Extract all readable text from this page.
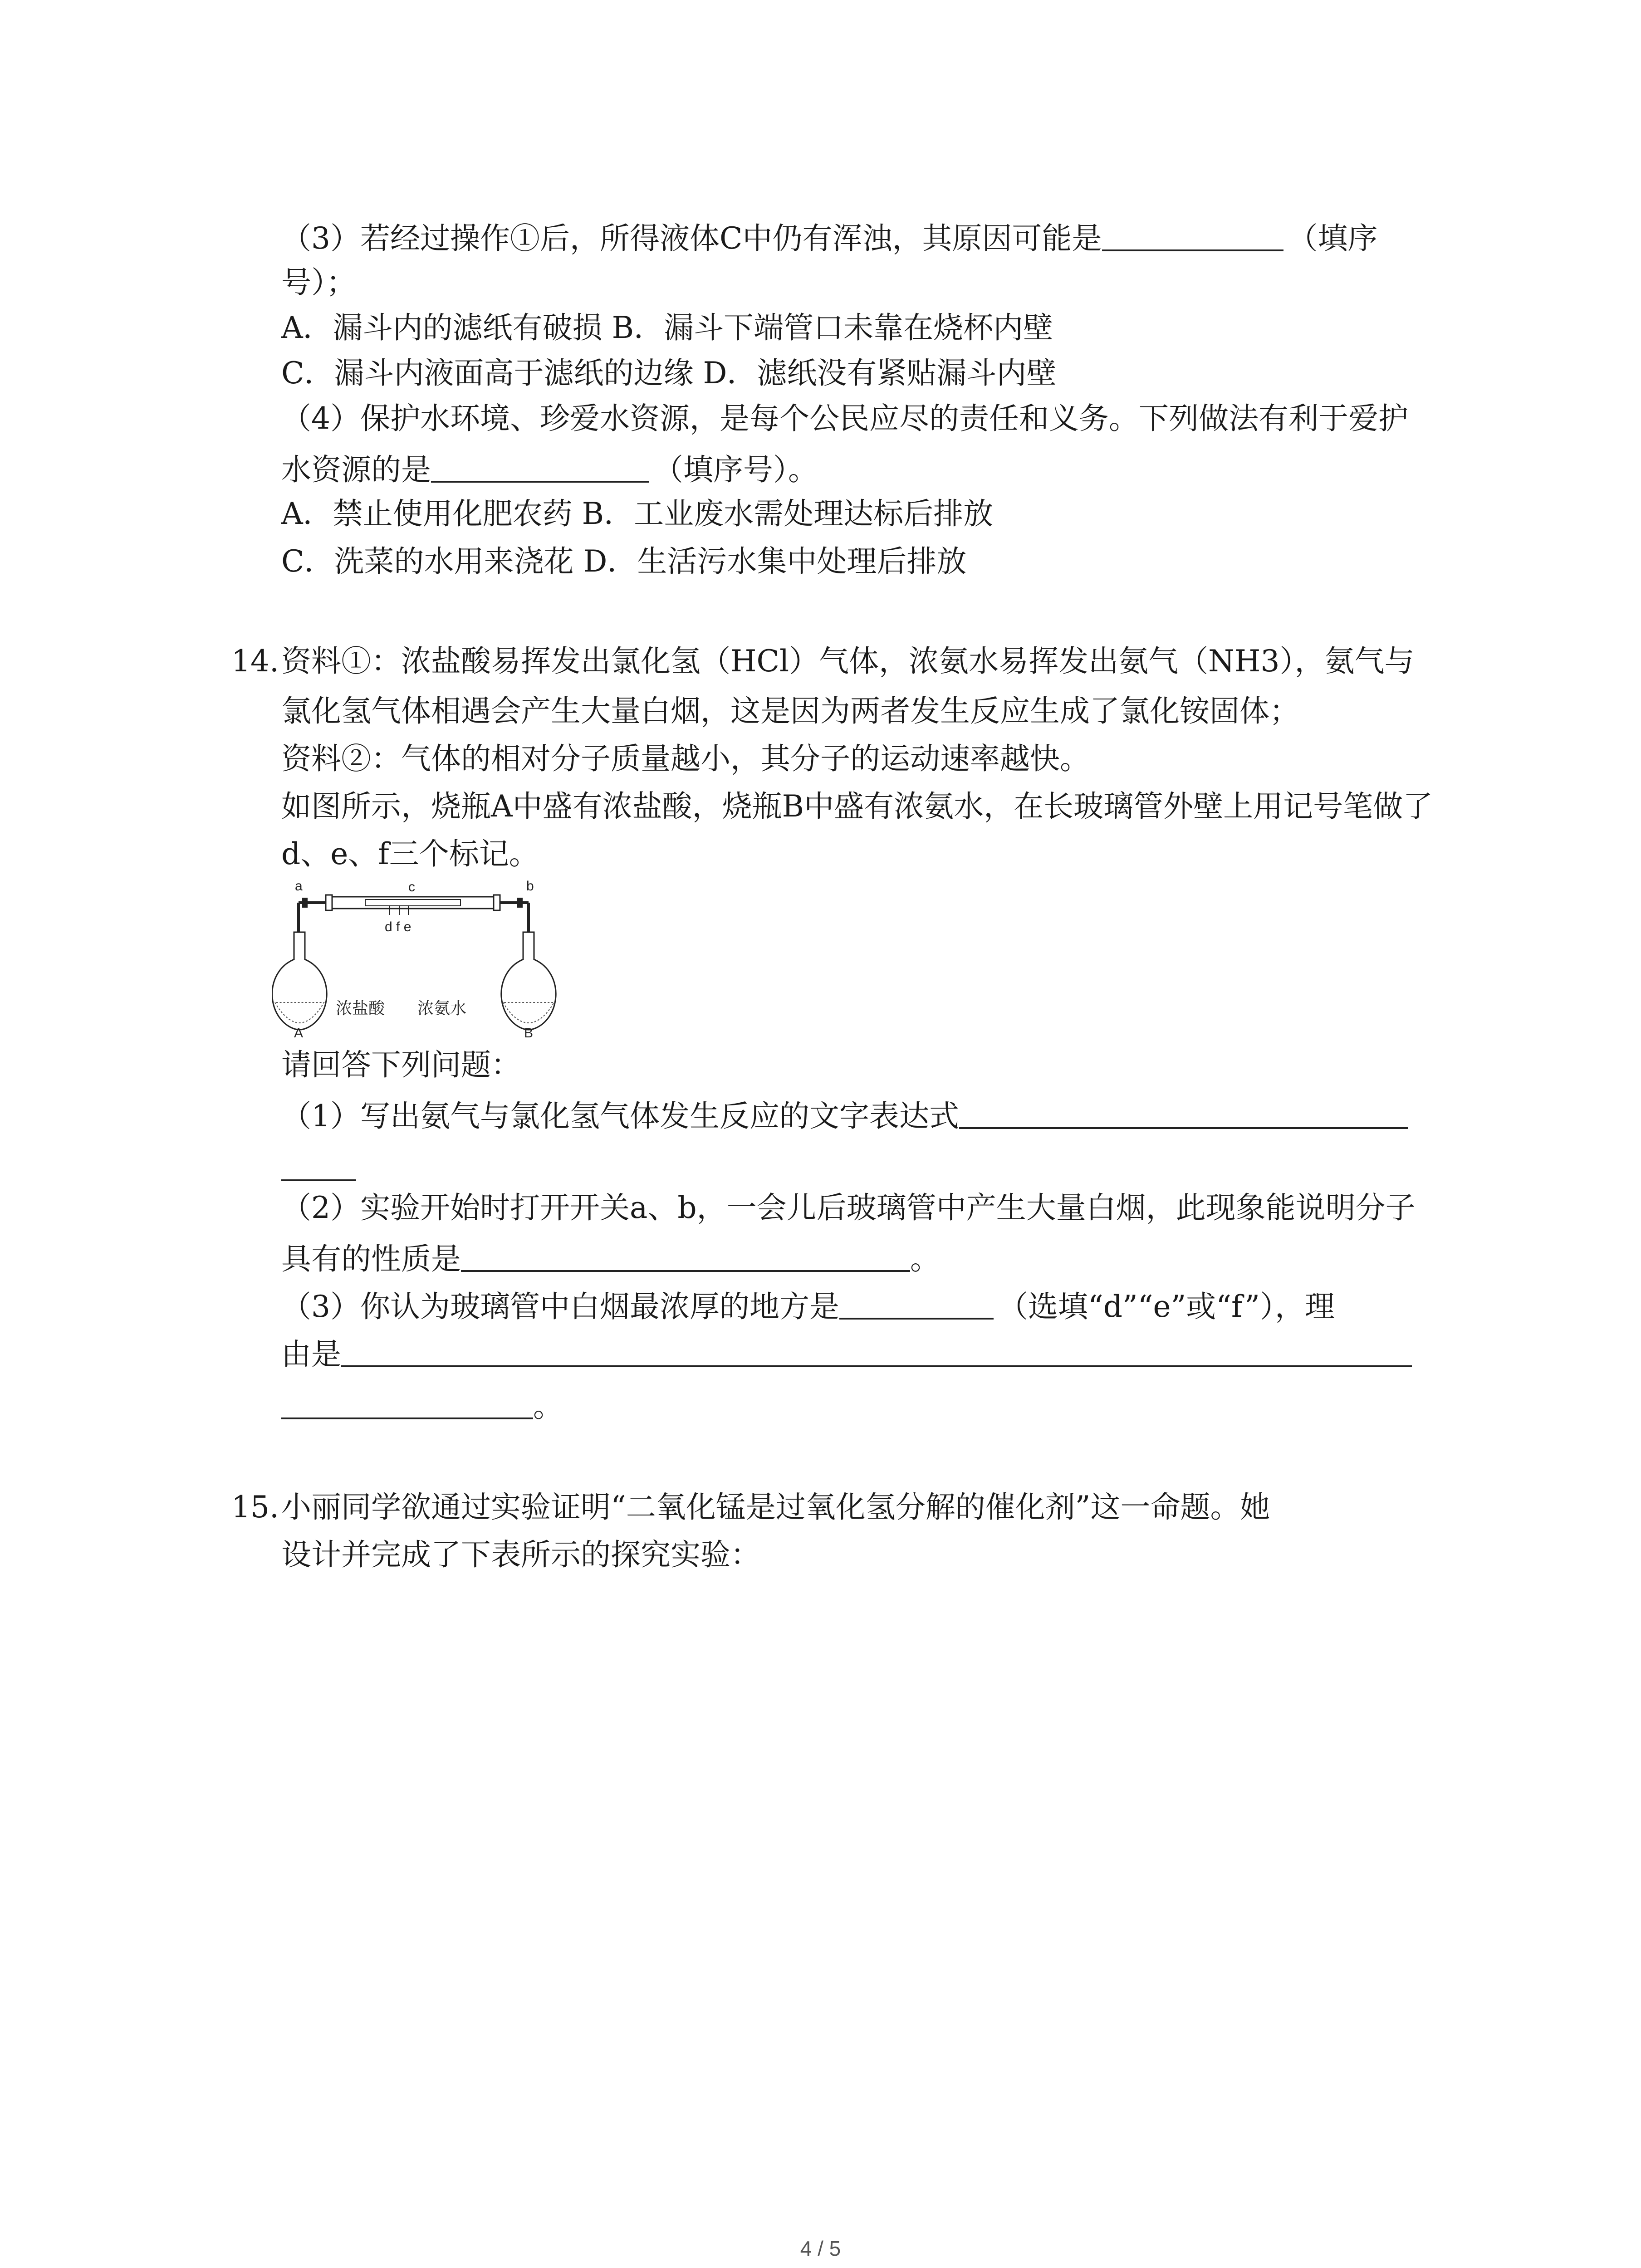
（3）若经过操作①后，所得液体C中仍有浑浊，其原因可能是	（填序
号）；
A．漏斗内的滤纸有破损 B．漏斗下端管口未靠在烧杯内壁
C．漏斗内液面高于滤纸的边缘 D．滤纸没有紧贴漏斗内壁
（4）保护水环境、珍爱水资源，是每个公民应尽的责任和义务。下列做法有利于爱护
水资源的是	（填序号）。
A．禁止使用化肥农药 B．工业废水需处理达标后排放
C．洗菜的水用来浇花 D．生活污水集中处理后排放
14. 资料①：浓盐酸易挥发出氯化氢（HCl）气体，浓氨水易挥发出氨气（NH3），氨气与
氯化氢气体相遇会产生大量白烟，这是因为两者发生反应生成了氯化铵固体；
资料②：气体的相对分子质量越小，其分子的运动速率越快。
如图所示，烧瓶A中盛有浓盐酸，烧瓶B中盛有浓氨水，在长玻璃管外壁上用记号笔做了
d、e、f三个标记。
a	b
c
d f e
浓盐酸 浓氨水
A	B
请回答下列问题：
（1）写出氨气与氯化氢气体发生反应的文字表达式
（2）实验开始时打开开关a、b，一会儿后玻璃管中产生大量白烟，此现象能说明分子
具有的性质是	。
（3）你认为玻璃管中白烟最浓厚的地方是	（选填“d”“e”或“f”），理
由是
。
15. 小丽同学欲通过实验证明“二氧化锰是过氧化氢分解的催化剂”这一命题。她
设计并完成了下表所示的探究实验：
4 / 5
